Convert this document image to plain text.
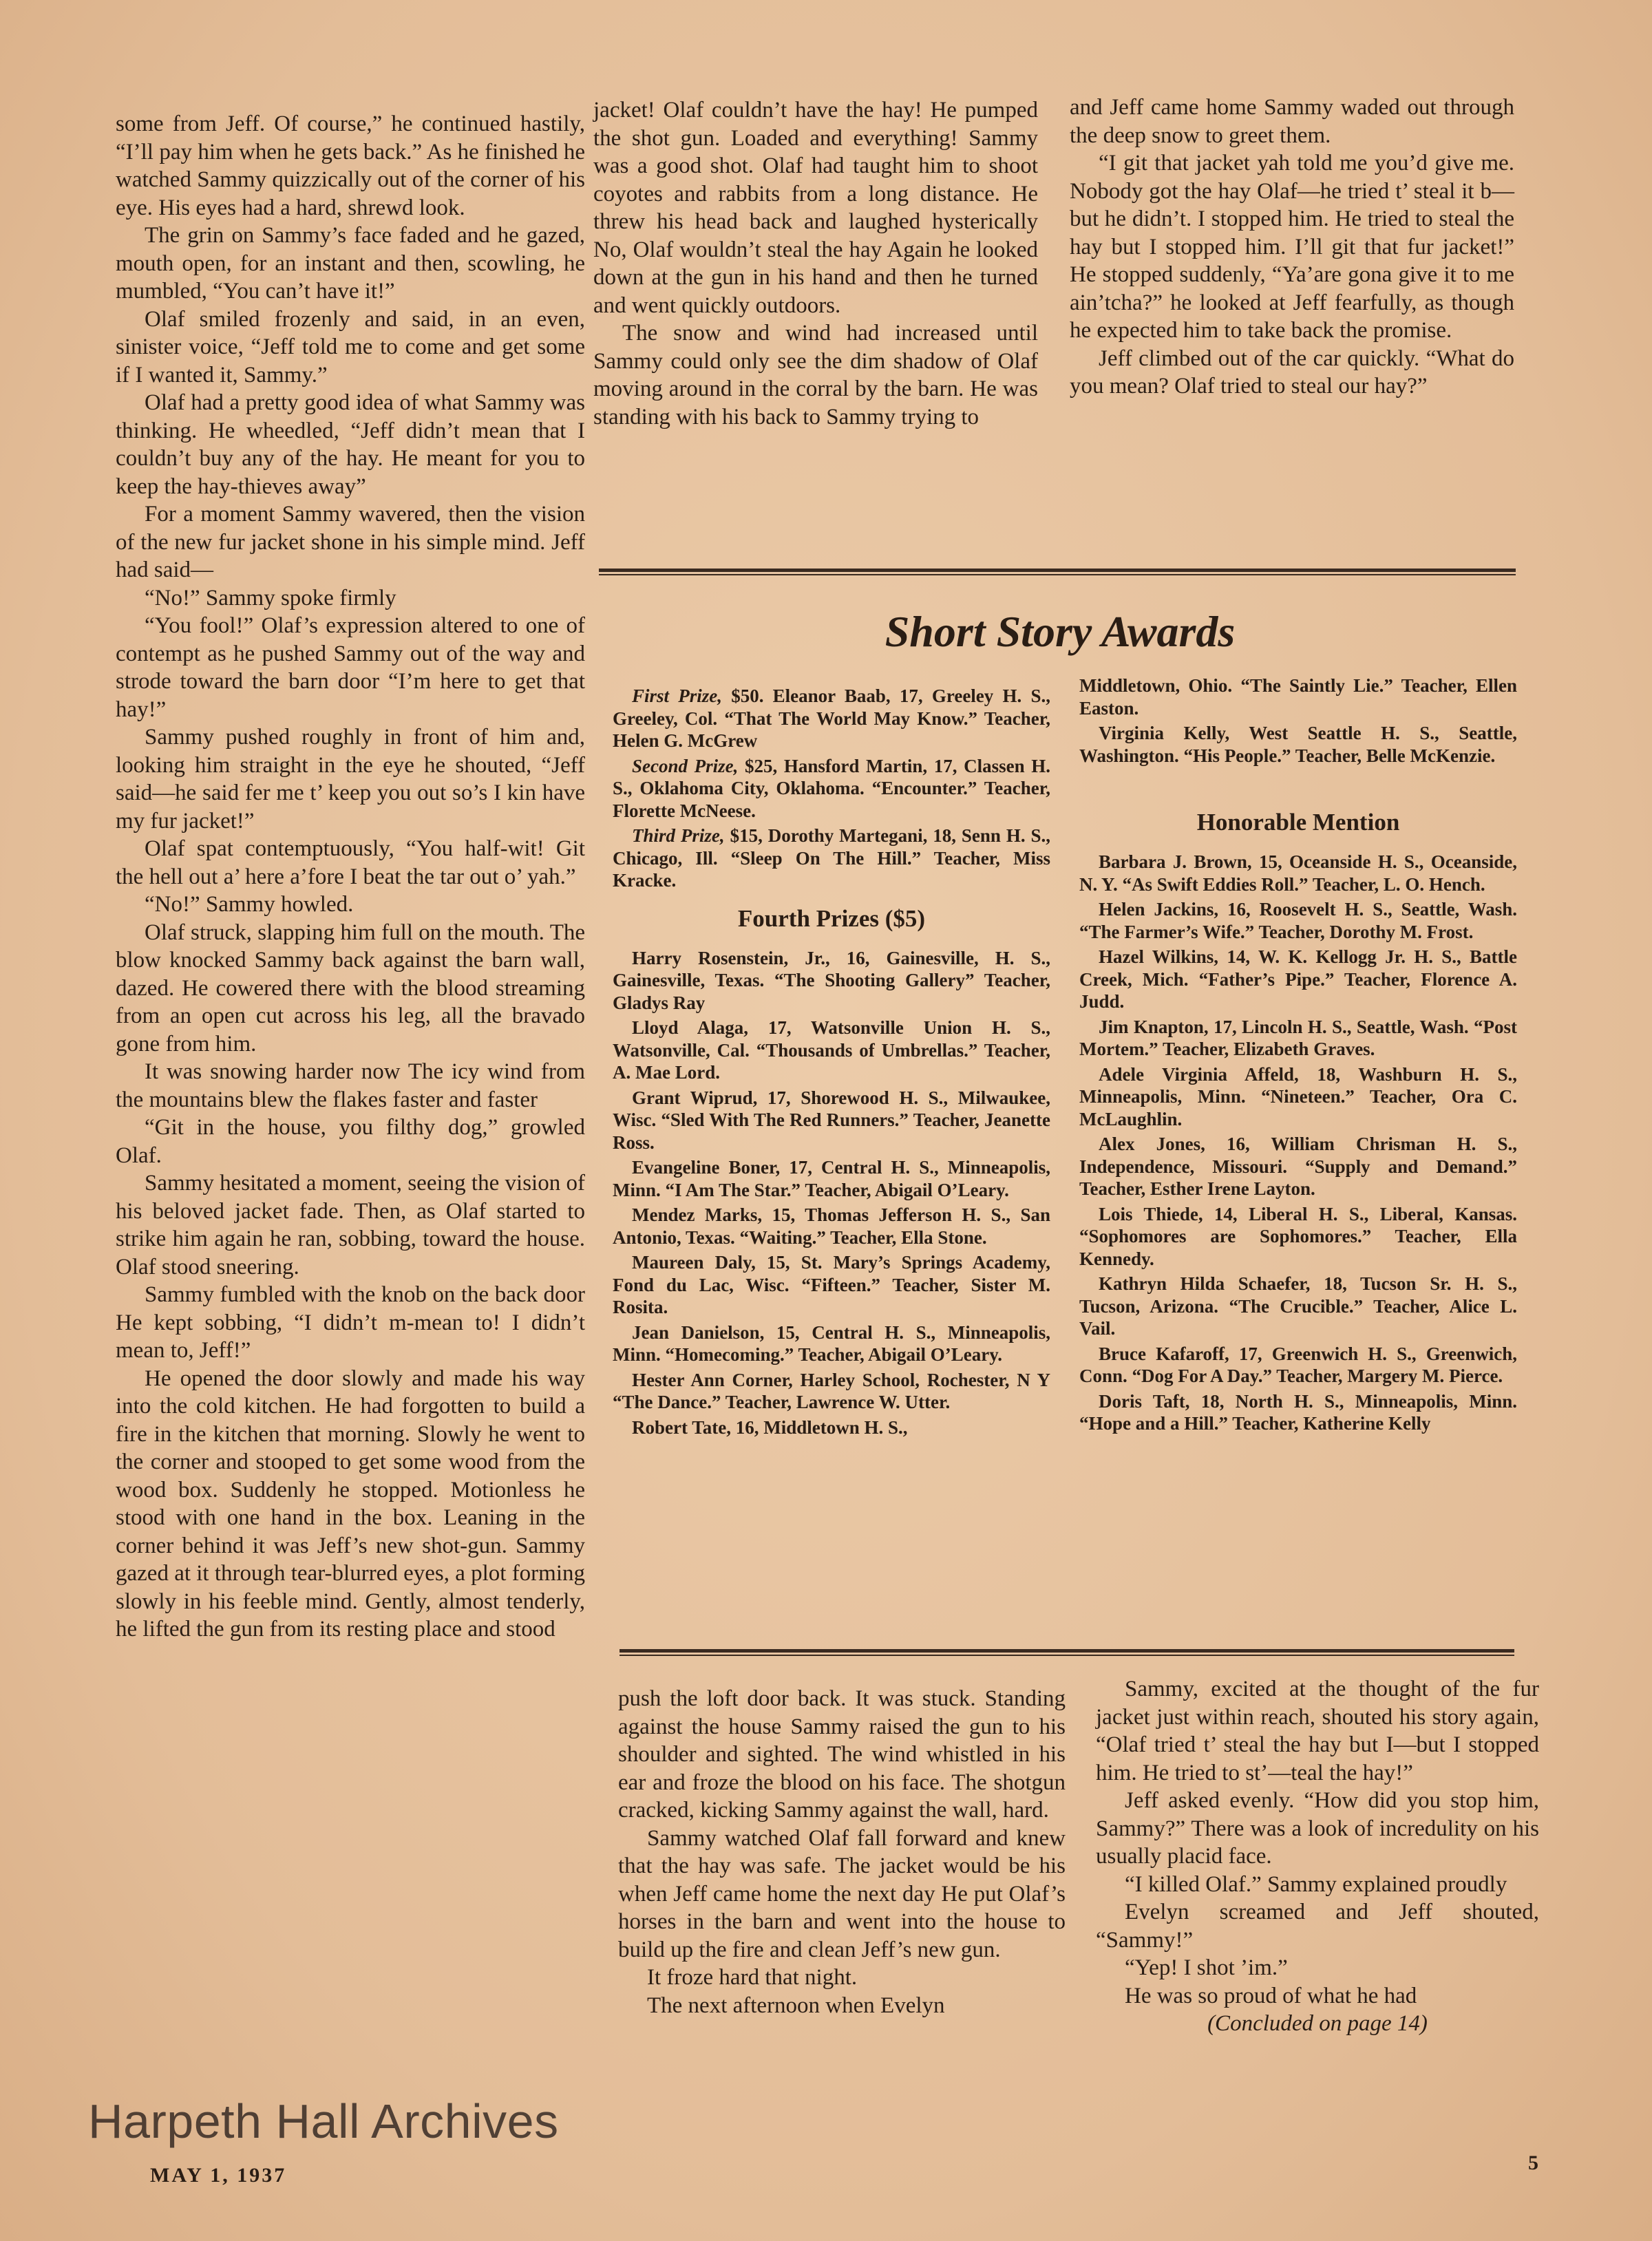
some from Jeff. Of course,” he continued hastily, “I’ll pay him when he gets back.” As he finished he watched Sammy quizzically out of the corner of his eye. His eyes had a hard, shrewd look.

The grin on Sammy’s face faded and he gazed, mouth open, for an instant and then, scowling, he mumbled, “You can’t have it!”

Olaf smiled frozenly and said, in an even, sinister voice, “Jeff told me to come and get some if I wanted it, Sammy.”

Olaf had a pretty good idea of what Sammy was thinking. He wheedled, “Jeff didn’t mean that I couldn’t buy any of the hay. He meant for you to keep the hay-thieves away”

For a moment Sammy wavered, then the vision of the new fur jacket shone in his simple mind. Jeff had said—

“No!” Sammy spoke firmly

“You fool!” Olaf’s expression altered to one of contempt as he pushed Sammy out of the way and strode toward the barn door “I’m here to get that hay!”

Sammy pushed roughly in front of him and, looking him straight in the eye he shouted, “Jeff said—he said fer me t’ keep you out so’s I kin have my fur jacket!”

Olaf spat contemptuously, “You half-wit! Git the hell out a’ here a’fore I beat the tar out o’ yah.”

“No!” Sammy howled.

Olaf struck, slapping him full on the mouth. The blow knocked Sammy back against the barn wall, dazed. He cowered there with the blood streaming from an open cut across his leg, all the bravado gone from him.

It was snowing harder now The icy wind from the mountains blew the flakes faster and faster

“Git in the house, you filthy dog,” growled Olaf.

Sammy hesitated a moment, seeing the vision of his beloved jacket fade. Then, as Olaf started to strike him again he ran, sobbing, toward the house. Olaf stood sneering.

Sammy fumbled with the knob on the back door He kept sobbing, “I didn’t m-mean to! I didn’t mean to, Jeff!”

He opened the door slowly and made his way into the cold kitchen. He had forgotten to build a fire in the kitchen that morning. Slowly he went to the corner and stooped to get some wood from the wood box. Suddenly he stopped. Motionless he stood with one hand in the box. Leaning in the corner behind it was Jeff’s new shot-gun. Sammy gazed at it through tear-blurred eyes, a plot forming slowly in his feeble mind. Gently, almost tenderly, he lifted the gun from its resting place and stood

jacket! Olaf couldn’t have the hay! He pumped the shot gun. Loaded and everything! Sammy was a good shot. Olaf had taught him to shoot coyotes and rabbits from a long distance. He threw his head back and laughed hysterically No, Olaf wouldn’t steal the hay Again he looked down at the gun in his hand and then he turned and went quickly outdoors.

The snow and wind had increased until Sammy could only see the dim shadow of Olaf moving around in the corral by the barn. He was standing with his back to Sammy trying to

and Jeff came home Sammy waded out through the deep snow to greet them.

“I git that jacket yah told me you’d give me. Nobody got the hay Olaf—he tried t’ steal it b—but he didn’t. I stopped him. He tried to steal the hay but I stopped him. I’ll git that fur jacket!” He stopped suddenly, “Ya’are gona give it to me ain’tcha?” he looked at Jeff fearfully, as though he expected him to take back the promise.

Jeff climbed out of the car quickly. “What do you mean? Olaf tried to steal our hay?”

Short Story Awards

First Prize, $50. Eleanor Baab, 17, Greeley H. S., Greeley, Col. “That The World May Know.” Teacher, Helen G. McGrew

Second Prize, $25, Hansford Martin, 17, Classen H. S., Oklahoma City, Oklahoma. “Encounter.” Teacher, Florette McNeese.

Third Prize, $15, Dorothy Martegani, 18, Senn H. S., Chicago, Ill. “Sleep On The Hill.” Teacher, Miss Kracke.

Fourth Prizes ($5)

Harry Rosenstein, Jr., 16, Gainesville, H. S., Gainesville, Texas. “The Shooting Gallery” Teacher, Gladys Ray

Lloyd Alaga, 17, Watsonville Union H. S., Watsonville, Cal. “Thousands of Umbrellas.” Teacher, A. Mae Lord.

Grant Wiprud, 17, Shorewood H. S., Milwaukee, Wisc. “Sled With The Red Runners.” Teacher, Jeanette Ross.

Evangeline Boner, 17, Central H. S., Minneapolis, Minn. “I Am The Star.” Teacher, Abigail O’Leary.

Mendez Marks, 15, Thomas Jefferson H. S., San Antonio, Texas. “Waiting.” Teacher, Ella Stone.

Maureen Daly, 15, St. Mary’s Springs Academy, Fond du Lac, Wisc. “Fifteen.” Teacher, Sister M. Rosita.

Jean Danielson, 15, Central H. S., Minneapolis, Minn. “Homecoming.” Teacher, Abigail O’Leary.

Hester Ann Corner, Harley School, Rochester, N Y “The Dance.” Teacher, Lawrence W. Utter.

Robert Tate, 16, Middletown H. S.,

Middletown, Ohio. “The Saintly Lie.” Teacher, Ellen Easton.

Virginia Kelly, West Seattle H. S., Seattle, Washington. “His People.” Teacher, Belle McKenzie.

Honorable Mention

Barbara J. Brown, 15, Oceanside H. S., Oceanside, N. Y. “As Swift Eddies Roll.” Teacher, L. O. Hench.

Helen Jackins, 16, Roosevelt H. S., Seattle, Wash. “The Farmer’s Wife.” Teacher, Dorothy M. Frost.

Hazel Wilkins, 14, W. K. Kellogg Jr. H. S., Battle Creek, Mich. “Father’s Pipe.” Teacher, Florence A. Judd.

Jim Knapton, 17, Lincoln H. S., Seattle, Wash. “Post Mortem.” Teacher, Elizabeth Graves.

Adele Virginia Affeld, 18, Washburn H. S., Minneapolis, Minn. “Nineteen.” Teacher, Ora C. McLaughlin.

Alex Jones, 16, William Chrisman H. S., Independence, Missouri. “Supply and Demand.” Teacher, Esther Irene Layton.

Lois Thiede, 14, Liberal H. S., Liberal, Kansas. “Sophomores are Sophomores.” Teacher, Ella Kennedy.

Kathryn Hilda Schaefer, 18, Tucson Sr. H. S., Tucson, Arizona. “The Crucible.” Teacher, Alice L. Vail.

Bruce Kafaroff, 17, Greenwich H. S., Greenwich, Conn. “Dog For A Day.” Teacher, Margery M. Pierce.

Doris Taft, 18, North H. S., Minneapolis, Minn. “Hope and a Hill.” Teacher, Katherine Kelly

push the loft door back. It was stuck. Standing against the house Sammy raised the gun to his shoulder and sighted. The wind whistled in his ear and froze the blood on his face. The shotgun cracked, kicking Sammy against the wall, hard.

Sammy watched Olaf fall forward and knew that the hay was safe. The jacket would be his when Jeff came home the next day He put Olaf’s horses in the barn and went into the house to build up the fire and clean Jeff’s new gun.

It froze hard that night.

The next afternoon when Evelyn

Sammy, excited at the thought of the fur jacket just within reach, shouted his story again, “Olaf tried t’ steal the hay but I—but I stopped him. He tried to st’—teal the hay!”

Jeff asked evenly. “How did you stop him, Sammy?” There was a look of incredulity on his usually placid face.

“I killed Olaf.” Sammy explained proudly

Evelyn screamed and Jeff shouted, “Sammy!”

“Yep! I shot ’im.”

He was so proud of what he had

(Concluded on page 14)

Harpeth Hall Archives
MAY 1, 1937
5
